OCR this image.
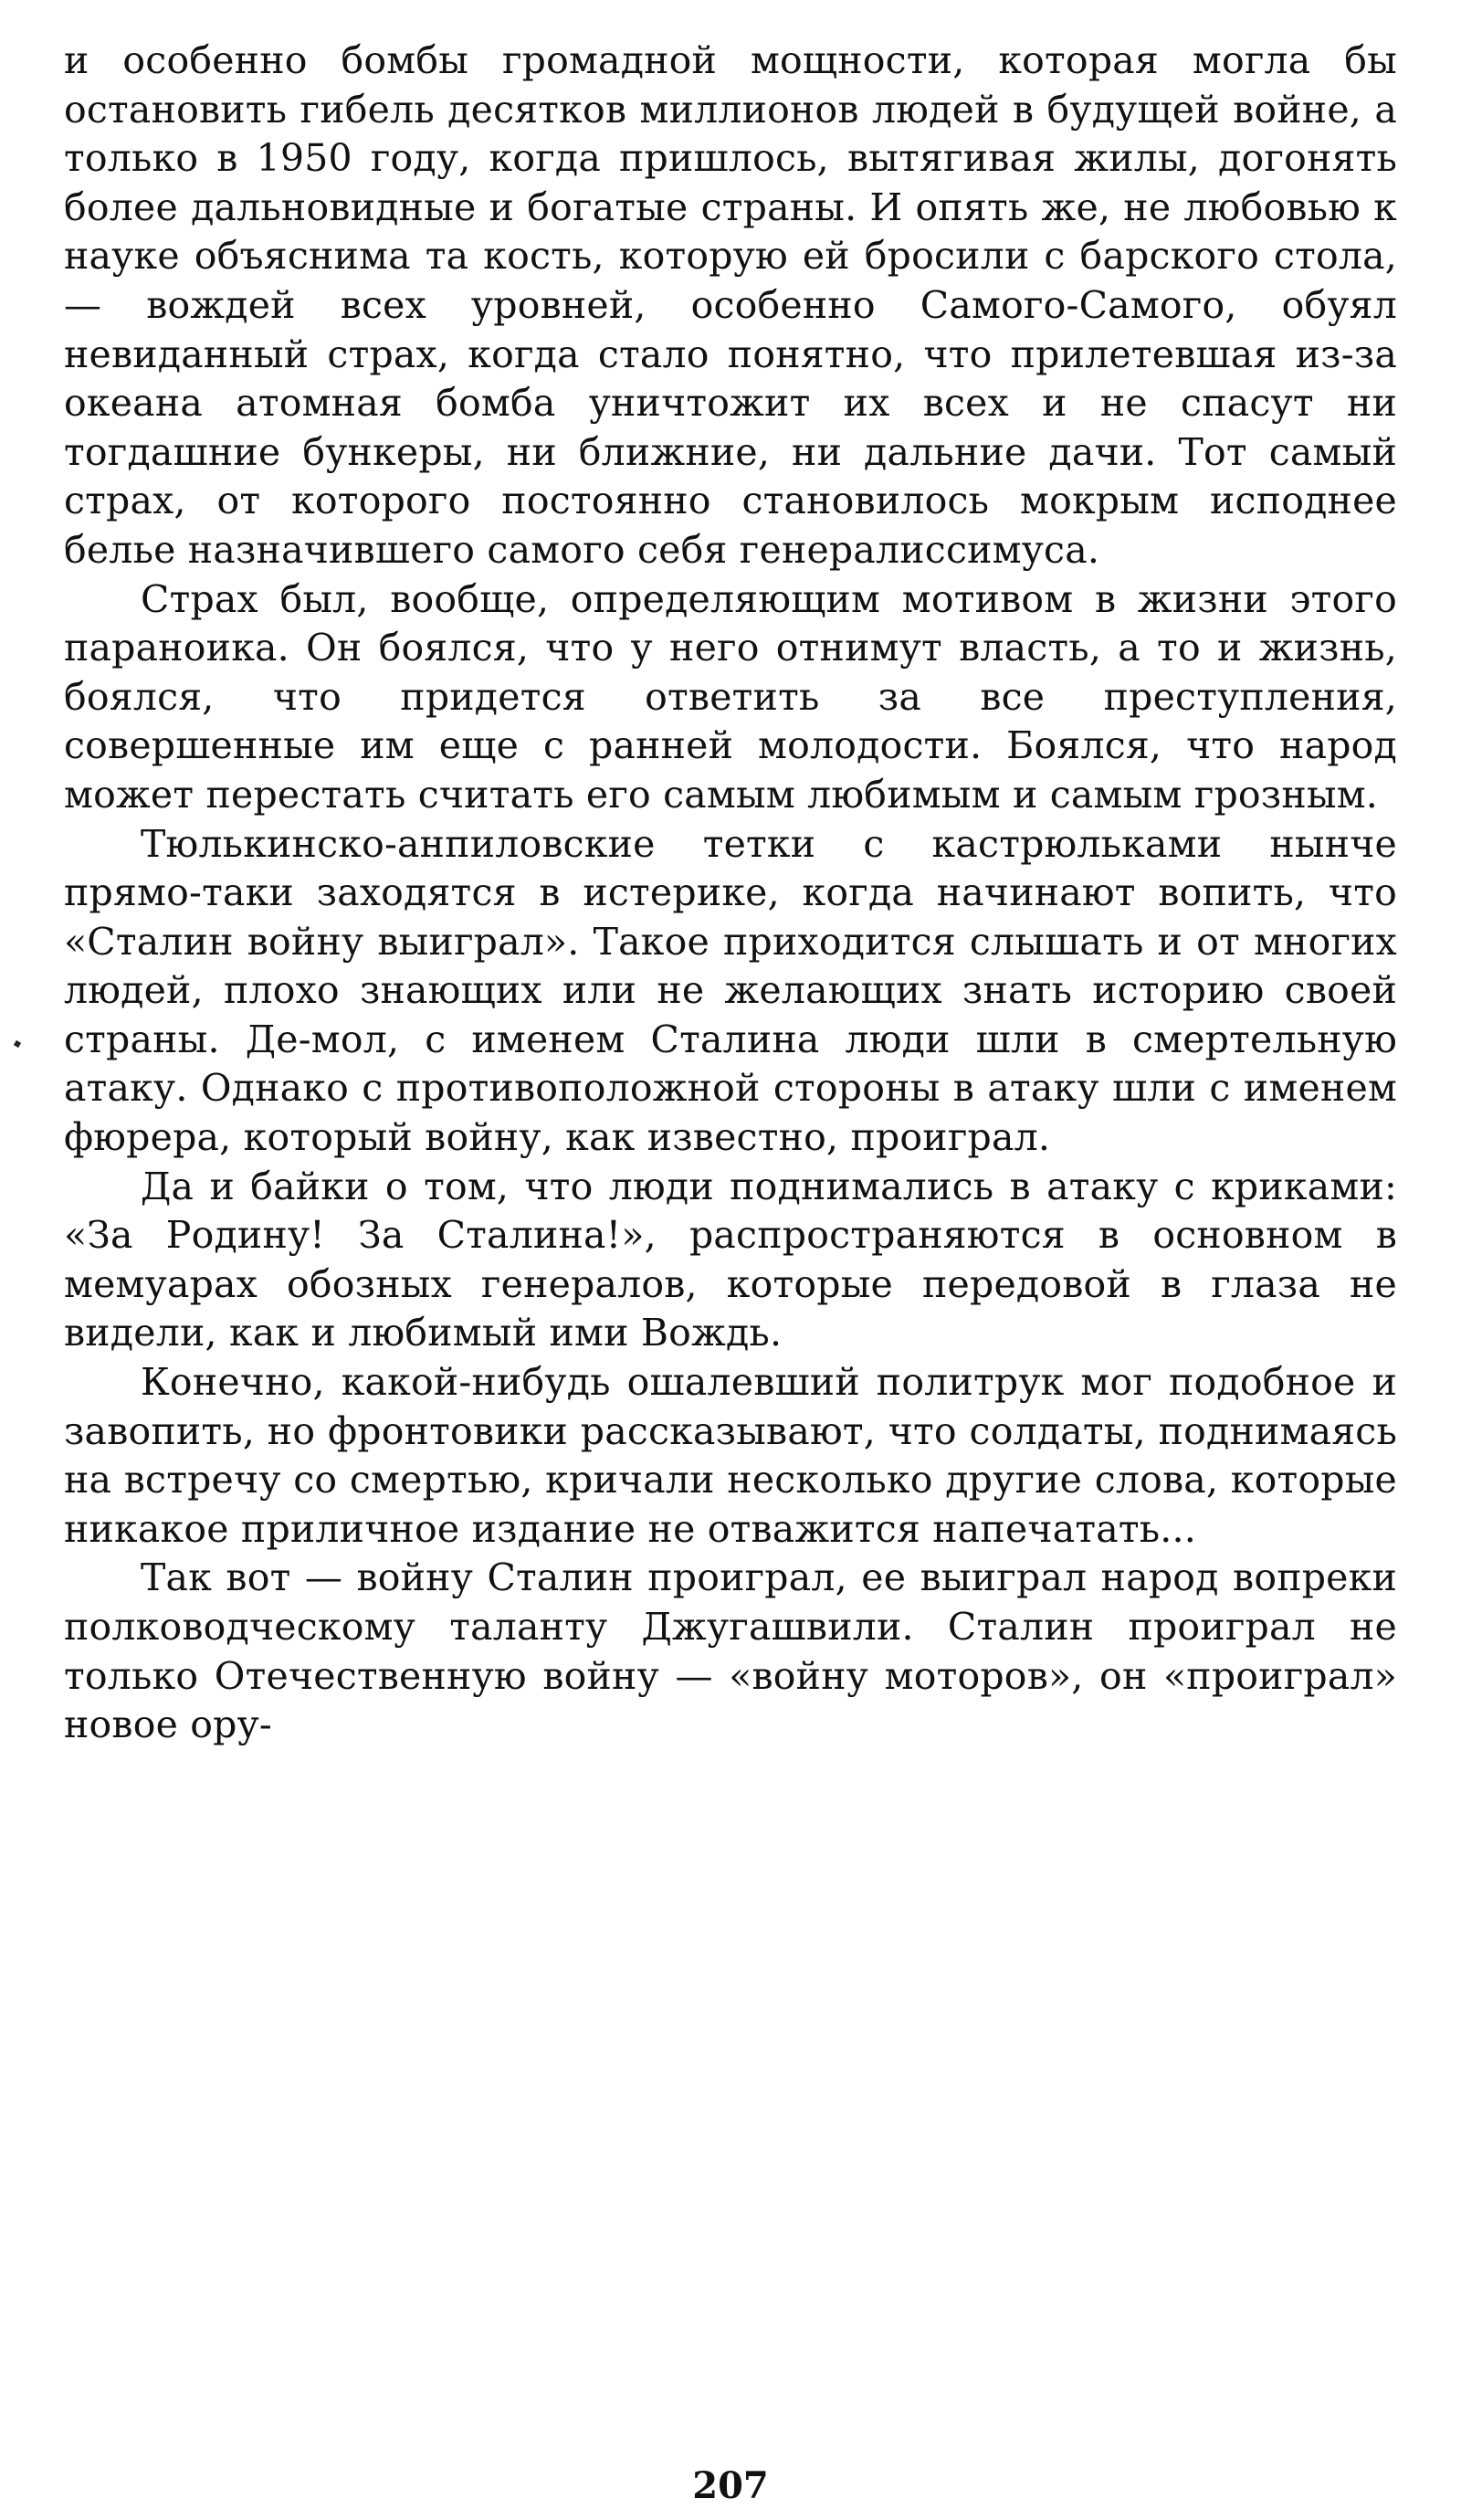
и особенно бомбы громадной мощности, которая могла бы остановить гибель десятков миллионов людей в будущей войне, а только в 1950 году, когда пришлось, вытягивая жилы, догонять более дальновидные и богатые страны. И опять же, не любовью к науке объяснима та кость, которую ей бросили с барского стола,— вождей всех уровней, особенно Самого-Самого, обуял невиданный страх, когда стало понятно, что прилетевшая из-за океана атомная бомба уничтожит их всех и не спасут ни тогдашние бункеры, ни ближние, ни дальние дачи. Тот самый страх, от которого постоянно становилось мокрым исподнее белье назначившего самого себя генералиссимуса.

Страх был, вообще, определяющим мотивом в жизни этого параноика. Он боялся, что у него отнимут власть, а то и жизнь, боялся, что придется ответить за все преступления, совершенные им еще с ранней молодости. Боялся, что народ может перестать считать его самым любимым и самым грозным.

Тюлькинско-анпиловские тетки с кастрюльками нынче прямо-таки заходятся в истерике, когда начинают вопить, что «Сталин войну выиграл». Такое приходится слышать и от многих людей, плохо знающих или не желающих знать историю своей страны. Де-мол, с именем Сталина люди шли в смертельную атаку. Однако с противоположной стороны в атаку шли с именем фюрера, который войну, как известно, проиграл.

Да и байки о том, что люди поднимались в атаку с криками: «За Родину! За Сталина!», распространяются в основном в мемуарах обозных генералов, которые передовой в глаза не видели, как и любимый ими Вождь.

Конечно, какой-нибудь ошалевший политрук мог подобное и завопить, но фронтовики рассказывают, что солдаты, поднимаясь на встречу со смертью, кричали несколько другие слова, которые никакое приличное издание не отважится напечатать...

Так вот — войну Сталин проиграл, ее выиграл народ вопреки полководческому таланту Джугашвили. Сталин проиграл не только Отечественную войну — «войну моторов», он «проиграл» новое ору-

207
